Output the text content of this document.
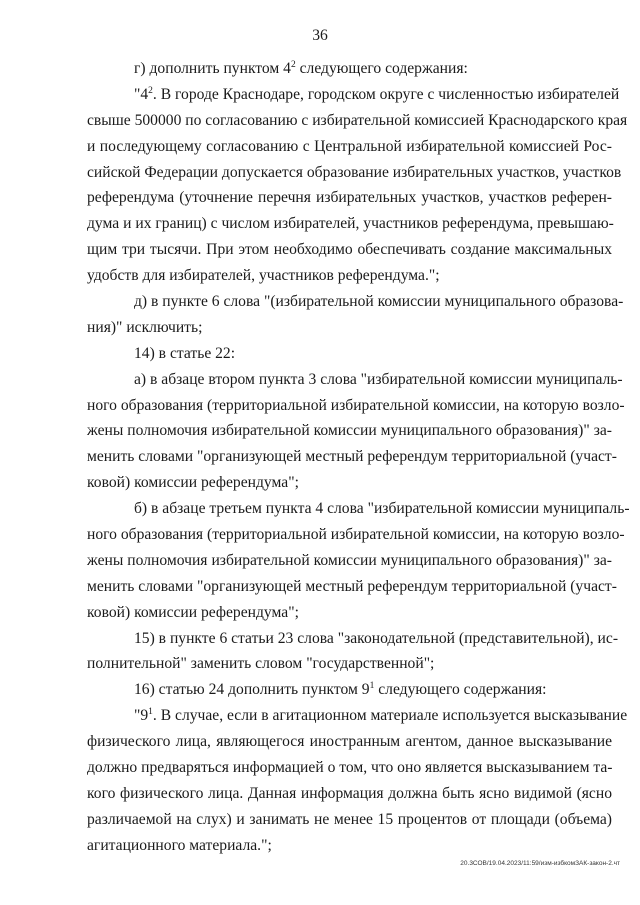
36
г) дополнить пунктом $4^2$ следующего содержания:
"$4^2$. В городе Краснодаре, городском округе с численностью избирателей
свыше 500000 по согласованию с избирательной комиссией Краснодарского края
и последующему согласованию с Центральной избирательной комиссией Рос-
сийской Федерации допускается образование избирательных участков, участков
референдума (уточнение перечня избирательных участков, участков референ-
дума и их границ) с числом избирателей, участников референдума, превышаю-
щим три тысячи. При этом необходимо обеспечивать создание максимальных
удобств для избирателей, участников референдума.";
д) в пункте 6 слова "(избирательной комиссии муниципального образова-
ния)" исключить;
14) в статье 22:
а) в абзаце втором пункта 3 слова "избирательной комиссии муниципаль-
ного образования (территориальной избирательной комиссии, на которую возло-
жены полномочия избирательной комиссии муниципального образования)" за-
менить словами "организующей местный референдум территориальной (участ-
ковой) комиссии референдума";
б) в абзаце третьем пункта 4 слова "избирательной комиссии муниципаль-
ного образования (территориальной избирательной комиссии, на которую возло-
жены полномочия избирательной комиссии муниципального образования)" за-
менить словами "организующей местный референдум территориальной (участ-
ковой) комиссии референдума";
15) в пункте 6 статьи 23 слова "законодательной (представительной), ис-
полнительной" заменить словом "государственной";
16) статью 24 дополнить пунктом $9^1$ следующего содержания:
"$9^1$. В случае, если в агитационном материале используется высказывание
физического лица, являющегося иностранным агентом, данное высказывание
должно предваряться информацией о том, что оно является высказыванием та-
кого физического лица. Данная информация должна быть ясно видимой (ясно
различаемой на слух) и занимать не менее 15 процентов от площади (объема)
агитационного материала.";
20.3СОВ/19.04.2023/11:59/изм-избкомЗАК-закон-2.чт
